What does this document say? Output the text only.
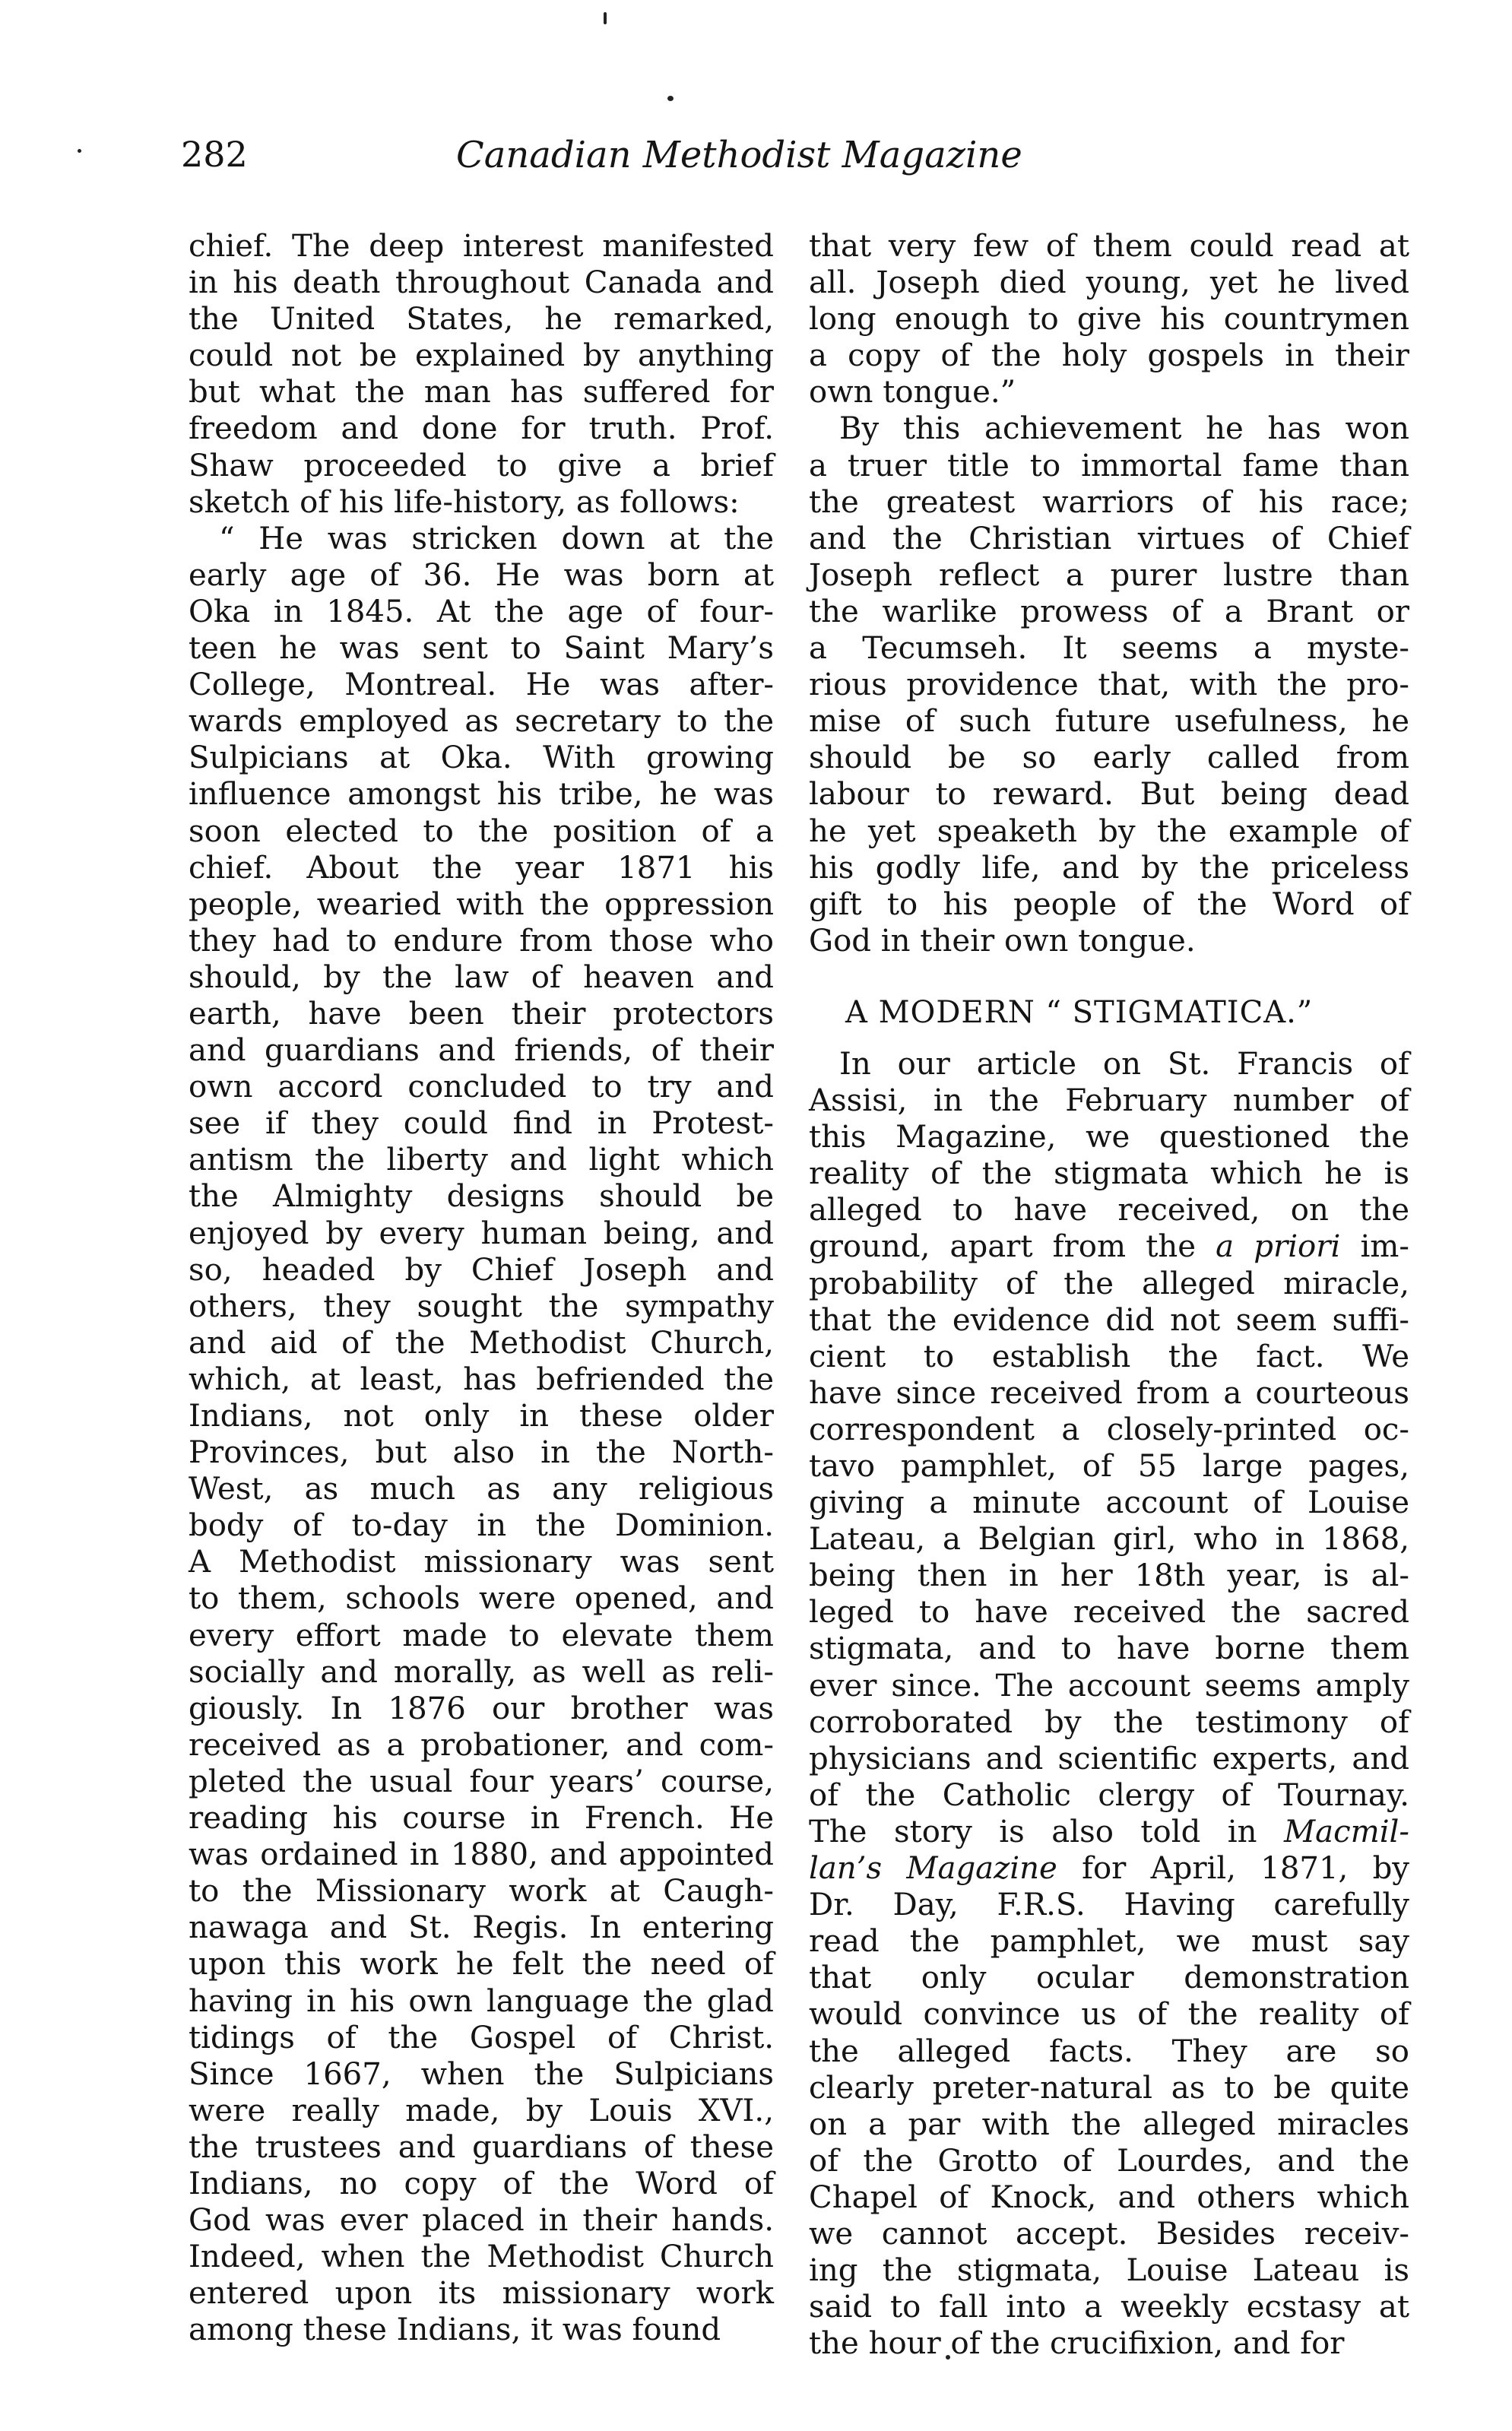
282	Canadian Methodist Magazine
chief. The deep interest manifested
in his death throughout Canada and
the United States, he remarked,
could not be explained by anything
but what the man has suffered for
freedom and done for truth. Prof.
Shaw proceeded to give a brief
sketch of his life-history, as follows:
“ He was stricken down at the
early age of 36. He was born at
Oka in 1845. At the age of four-
teen he was sent to Saint Mary’s
College, Montreal. He was after-
wards employed as secretary to the
Sulpicians at Oka. With growing
influence amongst his tribe, he was
soon elected to the position of a
chief. About the year 1871 his
people, wearied with the oppression
they had to endure from those who
should, by the law of heaven and
earth, have been their protectors
and guardians and friends, of their
own accord concluded to try and
see if they could find in Protest-
antism the liberty and light which
the Almighty designs should be
enjoyed by every human being, and
so, headed by Chief Joseph and
others, they sought the sympathy
and aid of the Methodist Church,
which, at least, has befriended the
Indians, not only in these older
Provinces, but also in the North-
West, as much as any religious
body of to-day in the Dominion.
A Methodist missionary was sent
to them, schools were opened, and
every effort made to elevate them
socially and morally, as well as reli-
giously. In 1876 our brother was
received as a probationer, and com-
pleted the usual four years’ course,
reading his course in French. He
was ordained in 1880, and appointed
to the Missionary work at Caugh-
nawaga and St. Regis. In entering
upon this work he felt the need of
having in his own language the glad
tidings of the Gospel of Christ.
Since 1667, when the Sulpicians
were really made, by Louis XVI.,
the trustees and guardians of these
Indians, no copy of the Word of
God was ever placed in their hands.
Indeed, when the Methodist Church
entered upon its missionary work
among these Indians, it was found
that very few of them could read at
all. Joseph died young, yet he lived
long enough to give his countrymen
a copy of the holy gospels in their
own tongue.”
By this achievement he has won
a truer title to immortal fame than
the greatest warriors of his race;
and the Christian virtues of Chief
Joseph reflect a purer lustre than
the warlike prowess of a Brant or
a Tecumseh. It seems a myste-
rious providence that, with the pro-
mise of such future usefulness, he
should be so early called from
labour to reward. But being dead
he yet speaketh by the example of
his godly life, and by the priceless
gift to his people of the Word of
God in their own tongue.
A MODERN “ STIGMATICA.”
In our article on St. Francis of
Assisi, in the February number of
this Magazine, we questioned the
reality of the stigmata which he is
alleged to have received, on the
ground, apart from the a priori im-
probability of the alleged miracle,
that the evidence did not seem suffi-
cient to establish the fact. We
have since received from a courteous
correspondent a closely-printed oc-
tavo pamphlet, of 55 large pages,
giving a minute account of Louise
Lateau, a Belgian girl, who in 1868,
being then in her 18th year, is al-
leged to have received the sacred
stigmata, and to have borne them
ever since. The account seems amply
corroborated by the testimony of
physicians and scientific experts, and
of the Catholic clergy of Tournay.
The story is also told in Macmil-
lan’s Magazine for April, 1871, by
Dr. Day, F.R.S. Having carefully
read the pamphlet, we must say
that only ocular demonstration
would convince us of the reality of
the alleged facts. They are so
clearly preter-natural as to be quite
on a par with the alleged miracles
of the Grotto of Lourdes, and the
Chapel of Knock, and others which
we cannot accept. Besides receiv-
ing the stigmata, Louise Lateau is
said to fall into a weekly ecstasy at
the hour of the crucifixion, and for
